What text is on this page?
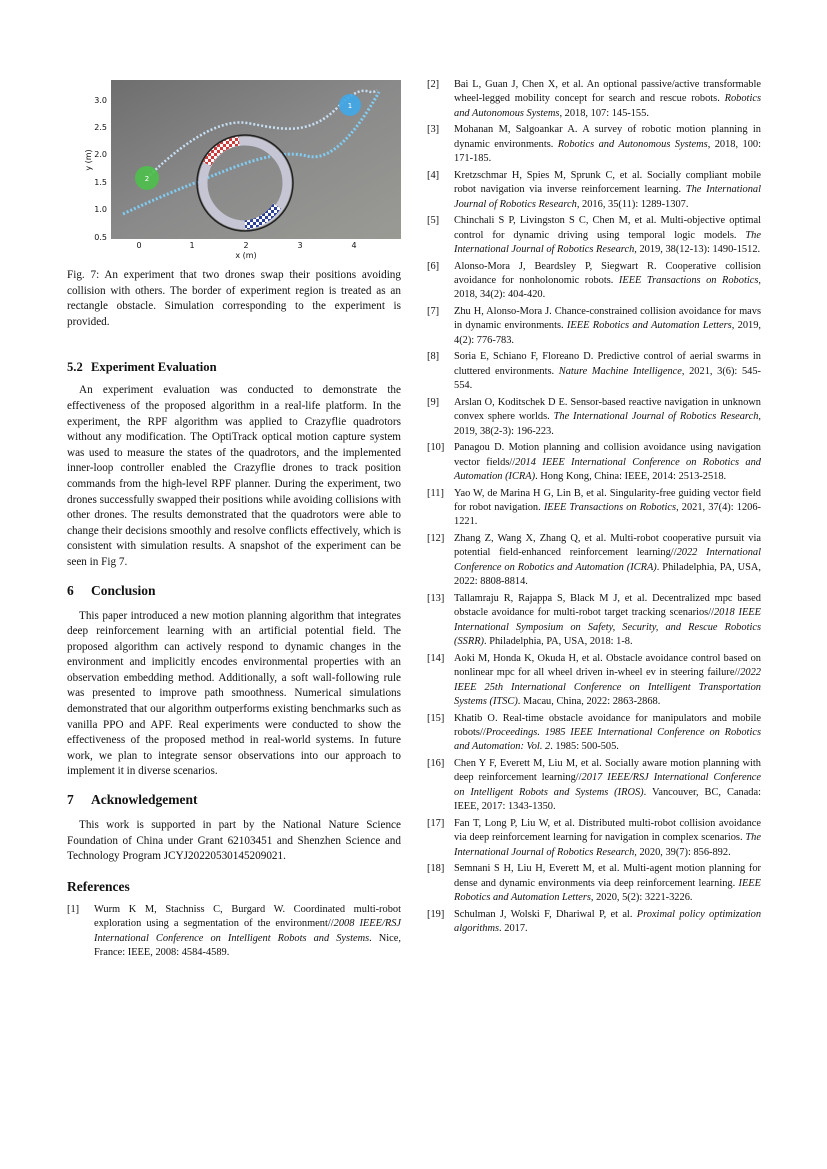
3.0
2.5
2.0
1.5
1.0
0.5
0	1	2	3	4
x (m)
y (m)
1
2

Fig. 7: An experiment that two drones swap their positions avoiding collision with others. The border of experiment region is treated as an rectangle obstacle. Simulation corresponding to the experiment is provided.

5.2 Experiment Evaluation

An experiment evaluation was conducted to demonstrate the effectiveness of the proposed algorithm in a real-life platform. In the experiment, the RPF algorithm was applied to Crazyflie quadrotors without any modification. The OptiTrack optical motion capture system was used to measure the states of the quadrotors, and the implemented inner-loop controller enabled the Crazyflie drones to track position commands from the high-level RPF planner. During the experiment, two drones successfully swapped their positions while avoiding collisions with other drones. The results demonstrated that the quadrotors were able to change their decisions smoothly and resolve conflicts effectively, which is consistent with simulation results. A snapshot of the experiment can be seen in Fig 7.

6 Conclusion

This paper introduced a new motion planning algorithm that integrates deep reinforcement learning with an artificial potential field. The proposed algorithm can actively respond to dynamic changes in the environment and implicitly encodes environmental properties with an observation embedding method. Additionally, a soft wall-following rule was presented to improve path smoothness. Numerical simulations demonstrated that our algorithm outperforms existing benchmarks such as vanilla PPO and APF. Real experiments were conducted to show the effectiveness of the proposed method in real-world systems. In future work, we plan to integrate sensor observations into our approach to implement it in diverse scenarios.

7 Acknowledgement

This work is supported in part by the National Nature Science Foundation of China under Grant 62103451 and Shenzhen Science and Technology Program JCYJ20220530145209021.

References
[1]	Wurm K M, Stachniss C, Burgard W. Coordinated multi-robot exploration using a segmentation of the environment//2008 IEEE/RSJ International Conference on Intelligent Robots and Systems. Nice, France: IEEE, 2008: 4584-4589.
[2]	Bai L, Guan J, Chen X, et al. An optional passive/active transformable wheel-legged mobility concept for search and rescue robots. Robotics and Autonomous Systems, 2018, 107: 145-155.
[3]	Mohanan M, Salgoankar A. A survey of robotic motion planning in dynamic environments. Robotics and Autonomous Systems, 2018, 100: 171-185.
[4]	Kretzschmar H, Spies M, Sprunk C, et al. Socially compliant mobile robot navigation via inverse reinforcement learning. The International Journal of Robotics Research, 2016, 35(11): 1289-1307.
[5]	Chinchali S P, Livingston S C, Chen M, et al. Multi-objective optimal control for dynamic driving using temporal logic models. The International Journal of Robotics Research, 2019, 38(12-13): 1490-1512.
[6]	Alonso-Mora J, Beardsley P, Siegwart R. Cooperative collision avoidance for nonholonomic robots. IEEE Transactions on Robotics, 2018, 34(2): 404-420.
[7]	Zhu H, Alonso-Mora J. Chance-constrained collision avoidance for mavs in dynamic environments. IEEE Robotics and Automation Letters, 2019, 4(2): 776-783.
[8]	Soria E, Schiano F, Floreano D. Predictive control of aerial swarms in cluttered environments. Nature Machine Intelligence, 2021, 3(6): 545-554.
[9]	Arslan O, Koditschek D E. Sensor-based reactive navigation in unknown convex sphere worlds. The International Journal of Robotics Research, 2019, 38(2-3): 196-223.
[10] Panagou D. Motion planning and collision avoidance using navigation vector fields//2014 IEEE International Conference on Robotics and Automation (ICRA). Hong Kong, China: IEEE, 2014: 2513-2518.
[11] Yao W, de Marina H G, Lin B, et al. Singularity-free guiding vector field for robot navigation. IEEE Transactions on Robotics, 2021, 37(4): 1206-1221.
[12] Zhang Z, Wang X, Zhang Q, et al. Multi-robot cooperative pursuit via potential field-enhanced reinforcement learning//2022 International Conference on Robotics and Automation (ICRA). Philadelphia, PA, USA, 2022: 8808-8814.
[13] Tallamraju R, Rajappa S, Black M J, et al. Decentralized mpc based obstacle avoidance for multi-robot target tracking scenarios//2018 IEEE International Symposium on Safety, Security, and Rescue Robotics (SSRR). Philadelphia, PA, USA, 2018: 1-8.
[14] Aoki M, Honda K, Okuda H, et al. Obstacle avoidance control based on nonlinear mpc for all wheel driven in-wheel ev in steering failure//2022 IEEE 25th International Conference on Intelligent Transportation Systems (ITSC). Macau, China, 2022: 2863-2868.
[15] Khatib O. Real-time obstacle avoidance for manipulators and mobile robots//Proceedings. 1985 IEEE International Conference on Robotics and Automation: Vol. 2. 1985: 500-505.
[16] Chen Y F, Everett M, Liu M, et al. Socially aware motion planning with deep reinforcement learning//2017 IEEE/RSJ International Conference on Intelligent Robots and Systems (IROS). Vancouver, BC, Canada: IEEE, 2017: 1343-1350.
[17] Fan T, Long P, Liu W, et al. Distributed multi-robot collision avoidance via deep reinforcement learning for navigation in complex scenarios. The International Journal of Robotics Research, 2020, 39(7): 856-892.
[18] Semnani S H, Liu H, Everett M, et al. Multi-agent motion planning for dense and dynamic environments via deep reinforcement learning. IEEE Robotics and Automation Letters, 2020, 5(2): 3221-3226.
[19] Schulman J, Wolski F, Dhariwal P, et al. Proximal policy optimization algorithms. 2017.
